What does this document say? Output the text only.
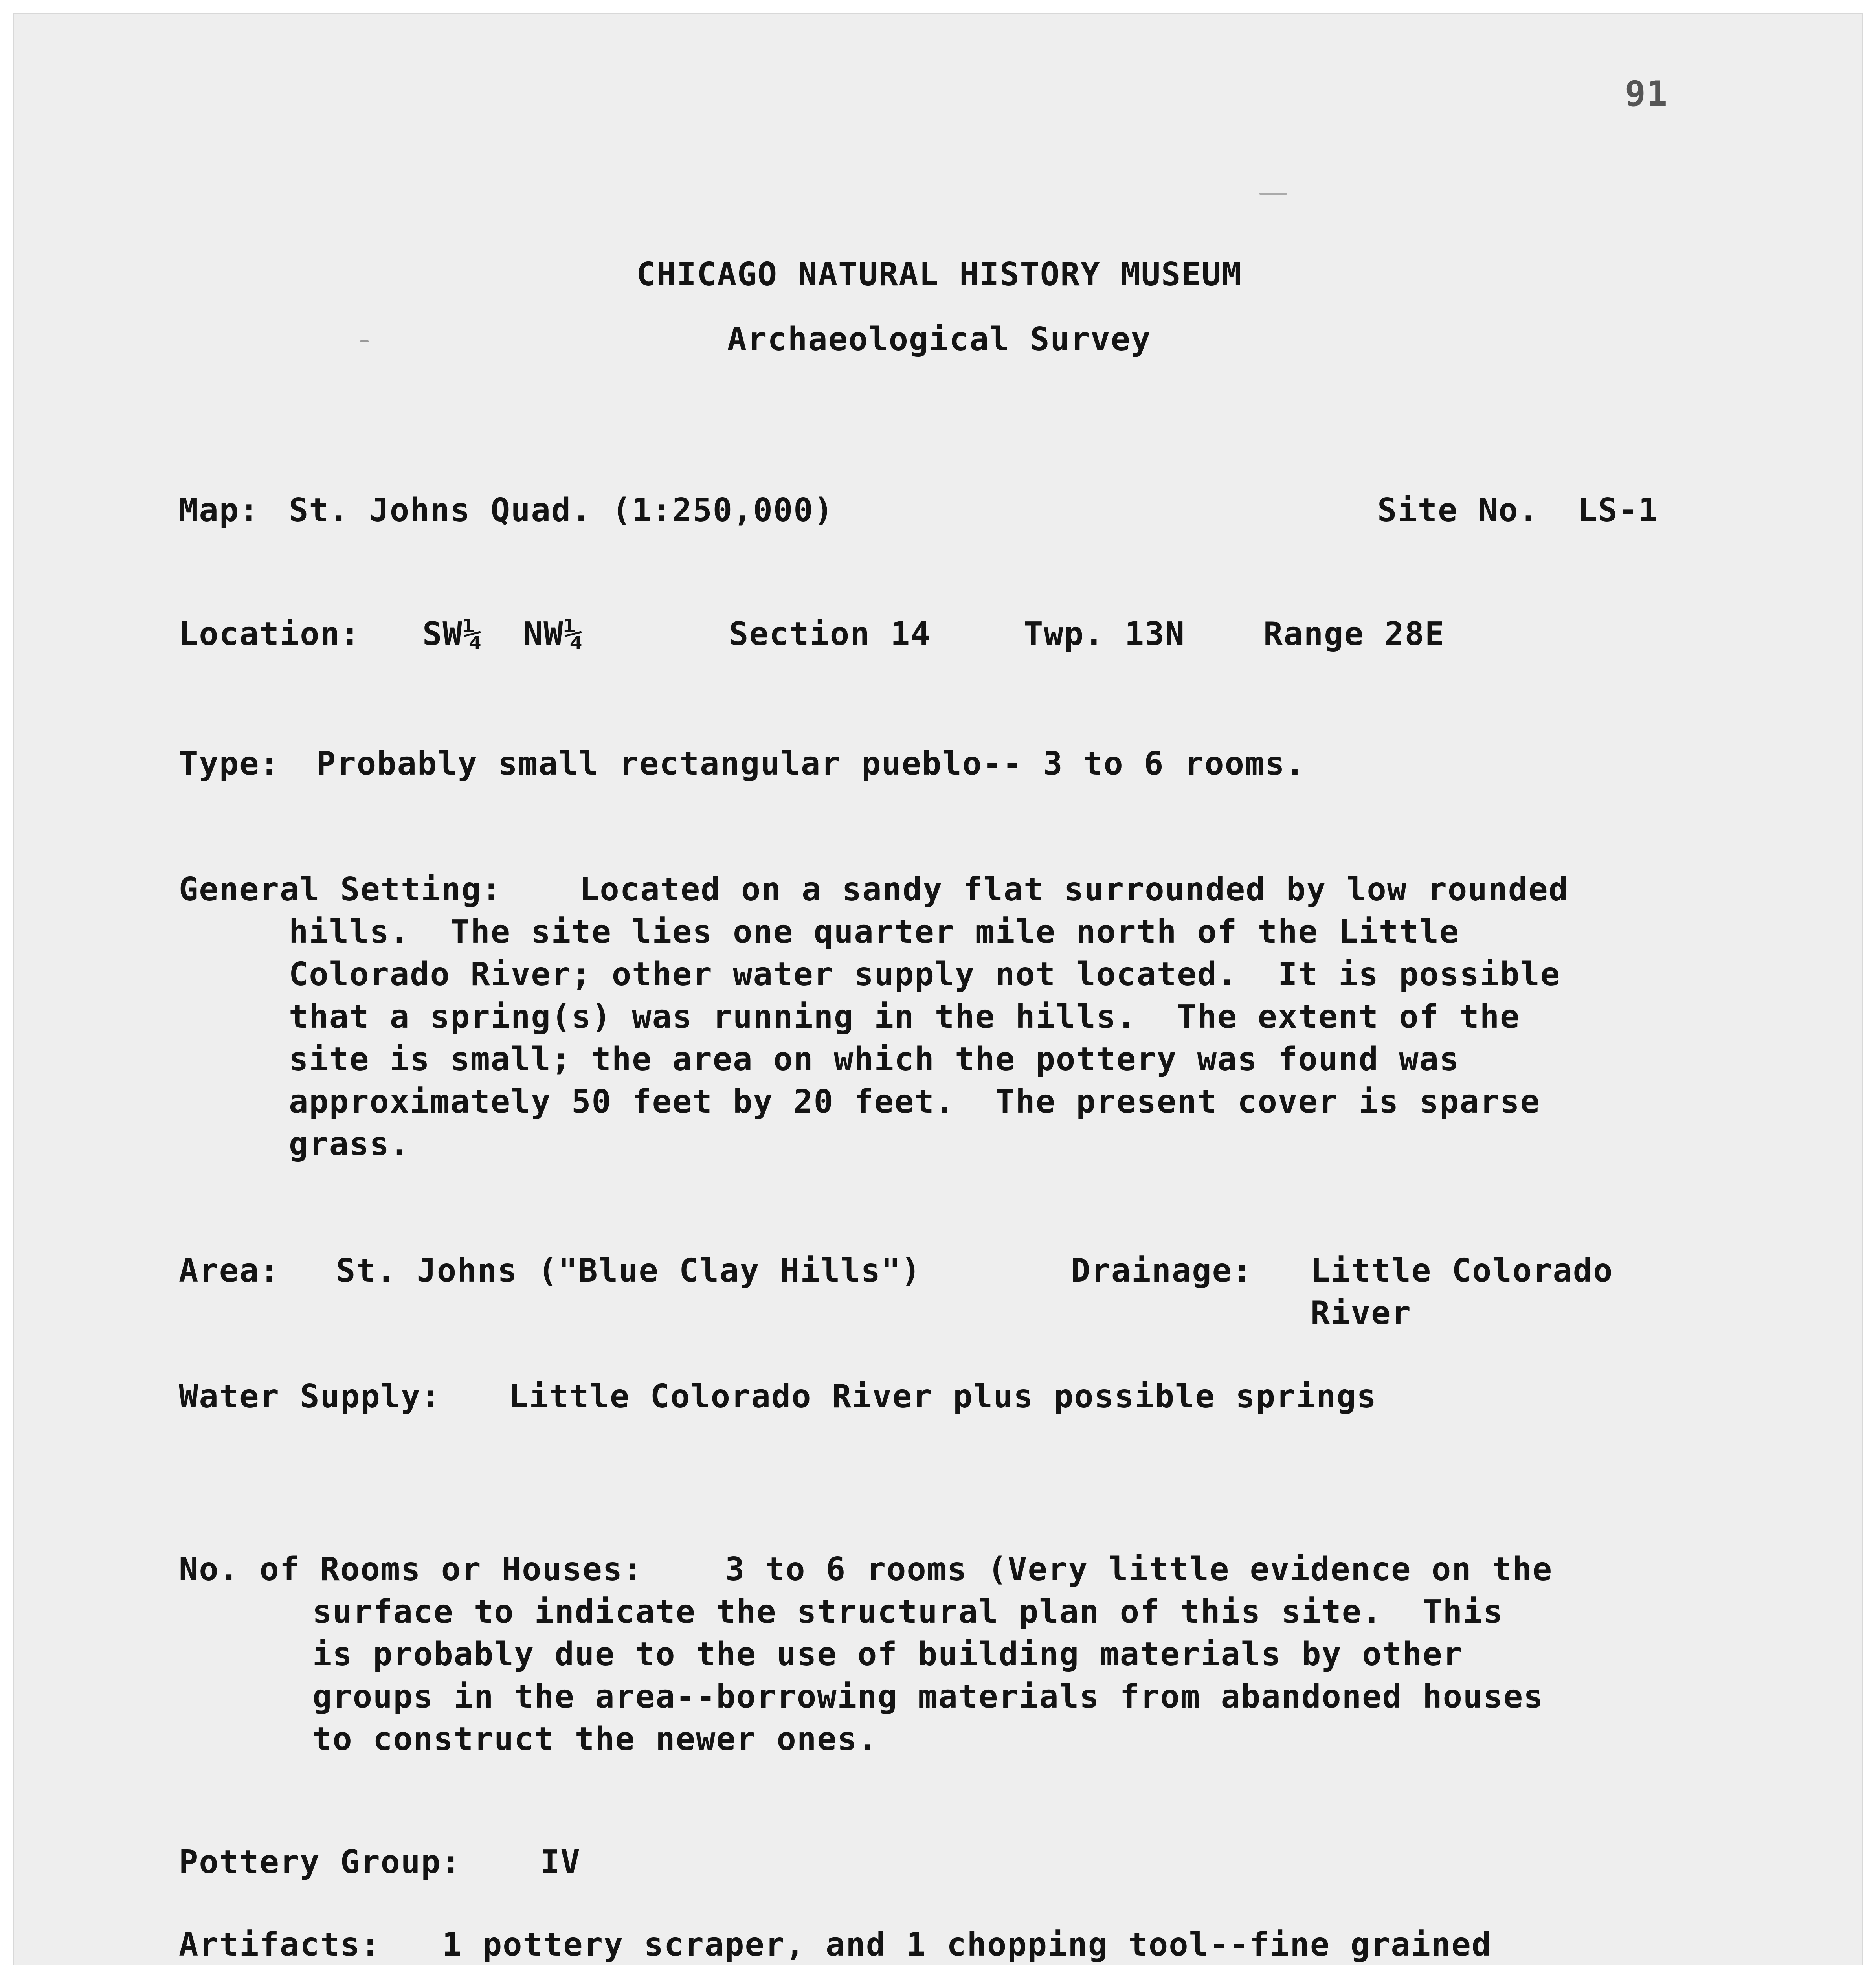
91
CHICAGO NATURAL HISTORY MUSEUM
Archaeological Survey
Map: St. Johns Quad. (1:250,000)	Site No. LS-1
Location: SW¼  NW¼	Section 14	Twp. 13N Range 28E
Type: Probably small rectangular pueblo-- 3 to 6 rooms.
General Setting: Located on a sandy flat surrounded by low rounded
hills.  The site lies one quarter mile north of the Little
Colorado River; other water supply not located.  It is possible
that a spring(s) was running in the hills.  The extent of the
site is small; the area on which the pottery was found was
approximately 50 feet by 20 feet.  The present cover is sparse
grass.
Area: St. Johns ("Blue Clay Hills")	Drainage: Little Colorado
River
Water Supply: Little Colorado River plus possible springs
No. of Rooms or Houses:	3 to 6 rooms (Very little evidence on the
surface to indicate the structural plan of this site.  This
is probably due to the use of building materials by other
groups in the area--borrowing materials from abandoned houses
to construct the newer ones.
Pottery Group: IV
Artifacts: 1 pottery scraper, and 1 chopping tool--fine grained
